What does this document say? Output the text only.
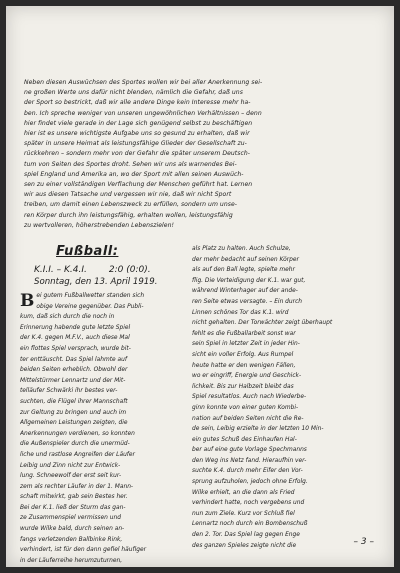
Neben diesen Auswüchsen des Sportes wollen wir bei aller Anerkennung sei-

ne großen Werte uns dafür nicht blenden, nämlich die Gefahr, daß uns

der Sport so bestrickt, daß wir alle andere Dinge kein Interesse mehr ha-

ben. Ich spreche weniger von unseren ungewöhnlichen Verhältnissen – denn

hier findet viele gerade in der Lage sich genügend selbst zu beschäftigen

hier ist es unsere wichtigste Aufgabe uns so gesund zu erhalten, daß wir

später in unsere Heimat als leistungsfähige Glieder der Gesellschaft zu-

rückkehren – sondern mehr von der Gefahr die später unserem Deutsch-

tum von Seiten des Sportes droht. Sehen wir uns als warnendes Bei-

spiel England und Amerika an, wo der Sport mit allen seinen Auswüch-

sen zu einer vollständigen Verflachung der Menschen geführt hat. Lernen

wir aus diesen Tatsache und vergessen wir nie, daß wir nicht Sport

treiben, um damit einen Lebenszweck zu erfüllen, sondern um unse-

ren Körper durch ihn leistungsfähig, erhalten wollen, leistungsfähig

zu wertvolleren, höherstrebenden Lebenszielen!

Fußball:
K.I.I. – K.4.I. 2:0 (0:0).
Sonntag, den 13. April 1919.
B ei gutem Fußballwetter standen sich

obige Vereine gegenüber. Das Publi-

kum, daß sich durch die noch in

Erinnerung habende gute letzte Spiel

der K.4. gegen M.F.V., auch diese Mal

ein flottes Spiel versprach, wurde bit-

ter enttäuscht. Das Spiel lahmte auf

beiden Seiten erheblich. Obwohl der

Mittelstürmer Lennartz und der Mit-

telläufer Schwärki ihr bestes ver-

suchten, die Flügel ihrer Mannschaft

zur Geltung zu bringen und auch im

Allgemeinen Leistungen zeigten, die

Anerkennungen verdienen, so konnten

die Außenspieler durch die unermüd-

liche und rastlose Angreifen der Läufer

Leibig und Zinn nicht zur Entwick-

lung. Schneewolf der erst seit kur-

zem als rechter Läufer in der 1. Mann-

schaft mitwirkt, gab sein Bestes her.

Bei der K.1. ließ der Sturm das gan-

ze Zusammenspiel vermissen und

wurde Wilke bald, durch seinen an-

fangs verletzenden Ballbinke Rink,

verhindert, ist für den dann gefiel häufiger

in der Läuferreihe herumzuturnen,

als Platz zu halten. Auch Schulze,

der mehr bedacht auf seinen Körper

als auf den Ball legte, spielte mehr

flig. Die Verteidigung der K.1. war gut,

während Winterhager auf der ande-

ren Seite etwas versagte. – Ein durch

Linnen schönes Tor das K.1. wird

nicht gehalten. Der Torwächter zeigt überhaupt

fehlt es die Fußballarbeit sonst war

sein Spiel in letzter Zeit in jeder Hin-

sicht ein voller Erfolg. Aus Rumpel

heute hatte er den wenigen Fällen,

wo er eingriff, Energie und Geschick-

lichkeit. Bis zur Halbzeit bleibt das

Spiel resultatlos. Auch nach Wiederbe-

ginn konnte von einer guten Kombi-

nation auf beiden Seiten nicht die Re-

de sein, Leibig erzielte in der letzten 10 Min-

ein gutes Schuß des Einhaufen Hal-

ber auf eine gute Vorlage Spechmanns

den Weg ins Netz fand. Hieraufhin ver-

suchte K.4. durch mehr Eifer den Vor-

sprung aufzuholen, jedoch ohne Erfolg.

Wilke erhielt, an die dann als Fried

verhindert hatte, noch vergebens und

nun zum Ziele. Kurz vor Schluß fiel

Lennartz noch durch ein Bombenschuß

den 2. Tor. Das Spiel lag gegen Enge

des ganzen Spieles zeigte nicht die	– 3 –
